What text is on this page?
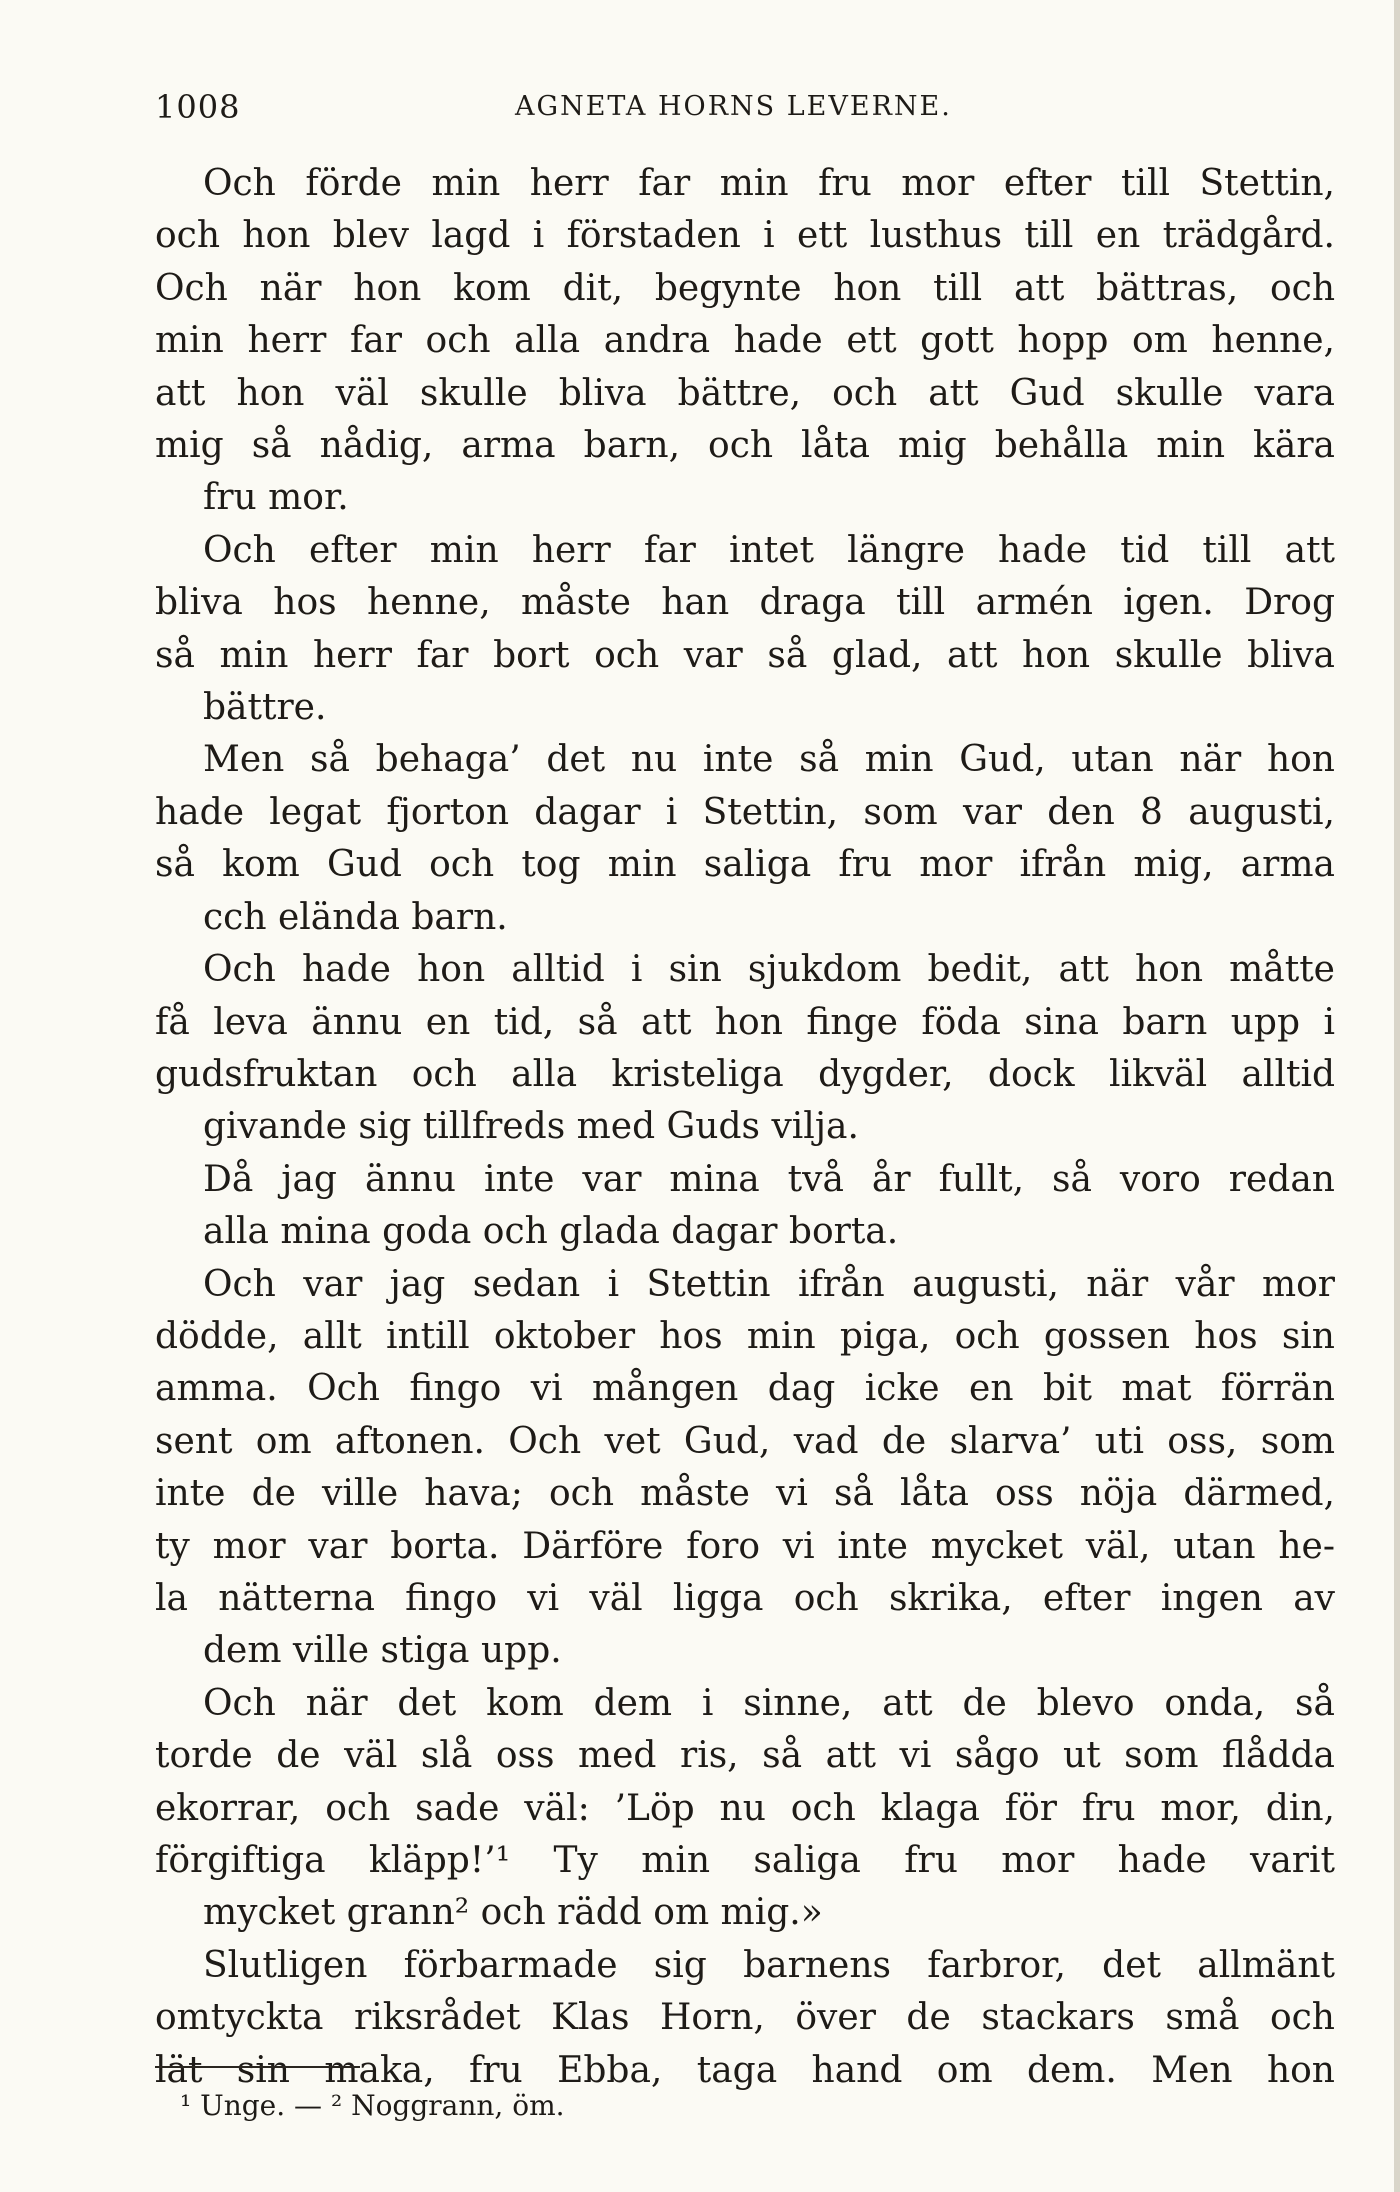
1008	AGNETA HORNS LEVERNE.

Och förde min herr far min fru mor efter till Stettin,
och hon blev lagd i förstaden i ett lusthus till en trädgård.
Och när hon kom dit, begynte hon till att bättras, och
min herr far och alla andra hade ett gott hopp om henne,
att hon väl skulle bliva bättre, och att Gud skulle vara
mig så nådig, arma barn, och låta mig behålla min kära
fru mor.

Och efter min herr far intet längre hade tid till att
bliva hos henne, måste han draga till armén igen. Drog
så min herr far bort och var så glad, att hon skulle bliva
bättre.

Men så behaga’ det nu inte så min Gud, utan när hon
hade legat fjorton dagar i Stettin, som var den 8 augusti,
så kom Gud och tog min saliga fru mor ifrån mig, arma
cch elända barn.

Och hade hon alltid i sin sjukdom bedit, att hon måtte
få leva ännu en tid, så att hon finge föda sina barn upp i
gudsfruktan och alla kristeliga dygder, dock likväl alltid
givande sig tillfreds med Guds vilja.

Då jag ännu inte var mina två år fullt, så voro redan
alla mina goda och glada dagar borta.

Och var jag sedan i Stettin ifrån augusti, när vår mor
dödde, allt intill oktober hos min piga, och gossen hos sin
amma. Och fingo vi mången dag icke en bit mat förrän
sent om aftonen. Och vet Gud, vad de slarva’ uti oss, som
inte de ville hava; och måste vi så låta oss nöja därmed,
ty mor var borta. Därföre foro vi inte mycket väl, utan he-
la nätterna fingo vi väl ligga och skrika, efter ingen av
dem ville stiga upp.

Och när det kom dem i sinne, att de blevo onda, så
torde de väl slå oss med ris, så att vi sågo ut som flådda
ekorrar, och sade väl: ’Löp nu och klaga för fru mor, din,
förgiftiga kläpp!’¹ Ty min saliga fru mor hade varit
mycket grann² och rädd om mig.»

Slutligen förbarmade sig barnens farbror, det allmänt
omtyckta riksrådet Klas Horn, över de stackars små och
lät sin maka, fru Ebba, taga hand om dem. Men hon

¹ Unge. — ² Noggrann, öm.
